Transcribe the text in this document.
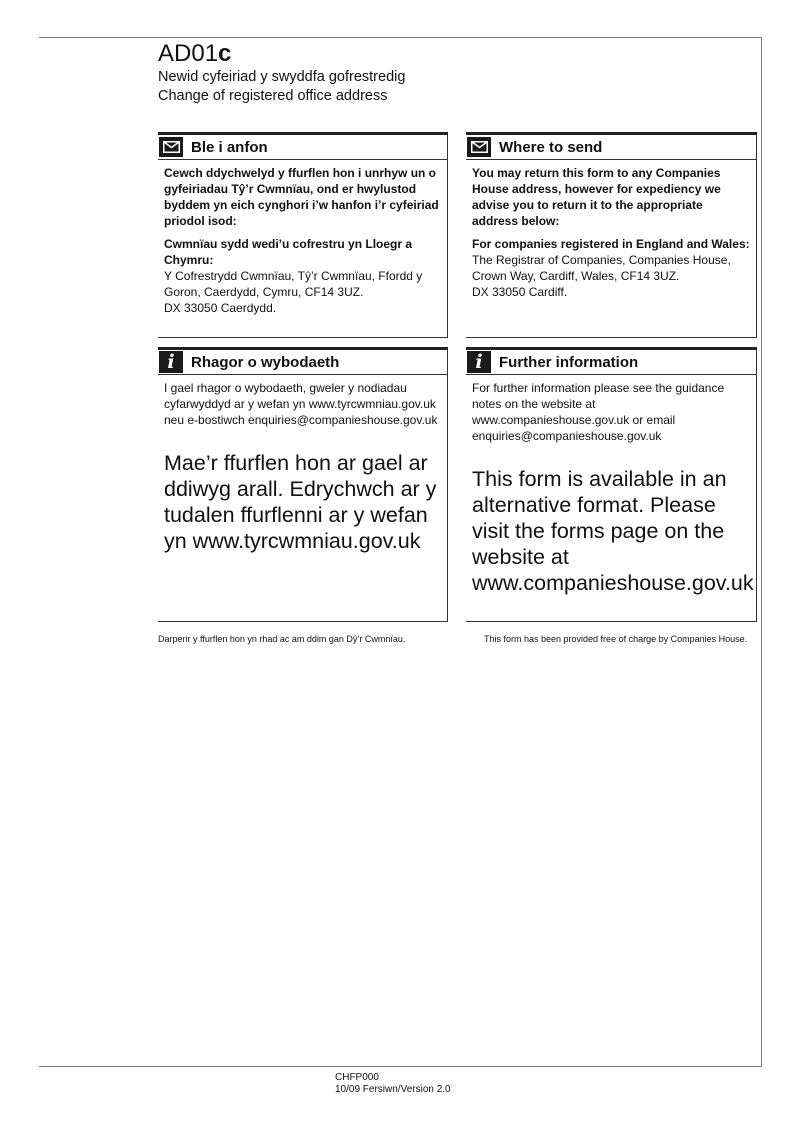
AD01c
Newid cyfeiriad y swyddfa gofrestredig
Change of registered office address
Ble i anfon

Cewch ddychwelyd y ffurflen hon i unrhyw un o gyfeiriadau Tŷ’r Cwmnïau, ond er hwylustod byddem yn eich cynghori i’w hanfon i’r cyfeiriad priodol isod:

Cwmnïau sydd wedi’u cofrestru yn Lloegr a Chymru:

Y Cofrestrydd Cwmnïau, Tŷ’r Cwmnïau, Ffordd y Goron, Caerdydd, Cymru, CF14 3UZ.

DX 33050 Caerdydd.

Where to send

You may return this form to any Companies House address, however for expediency we advise you to return it to the appropriate address below:

For companies registered in England and Wales:

The Registrar of Companies, Companies House, Crown Way, Cardiff, Wales, CF14 3UZ.

DX 33050 Cardiff.

i	Rhagor o wybodaeth

I gael rhagor o wybodaeth, gweler y nodiadau cyfarwyddyd ar y wefan yn www.tyrcwmniau.gov.uk neu e-bostiwch enquiries@companieshouse.gov.uk

Mae’r ffurflen hon ar gael ar ddiwyg arall. Edrychwch ar y tudalen ffurflenni ar y wefan yn www.tyrcwmniau.gov.uk

i	Further information

For further information please see the guidance notes on the website at www.companieshouse.gov.uk or email enquiries@companieshouse.gov.uk

This form is available in an alternative format. Please visit the forms page on the website at www.companieshouse.gov.uk

Darperir y ffurflen hon yn rhad ac am ddim gan Dŷ’r Cwmnïau.	This form has been provided free of charge by Companies House.
CHFP000
10/09 Fersiwn/Version 2.0
